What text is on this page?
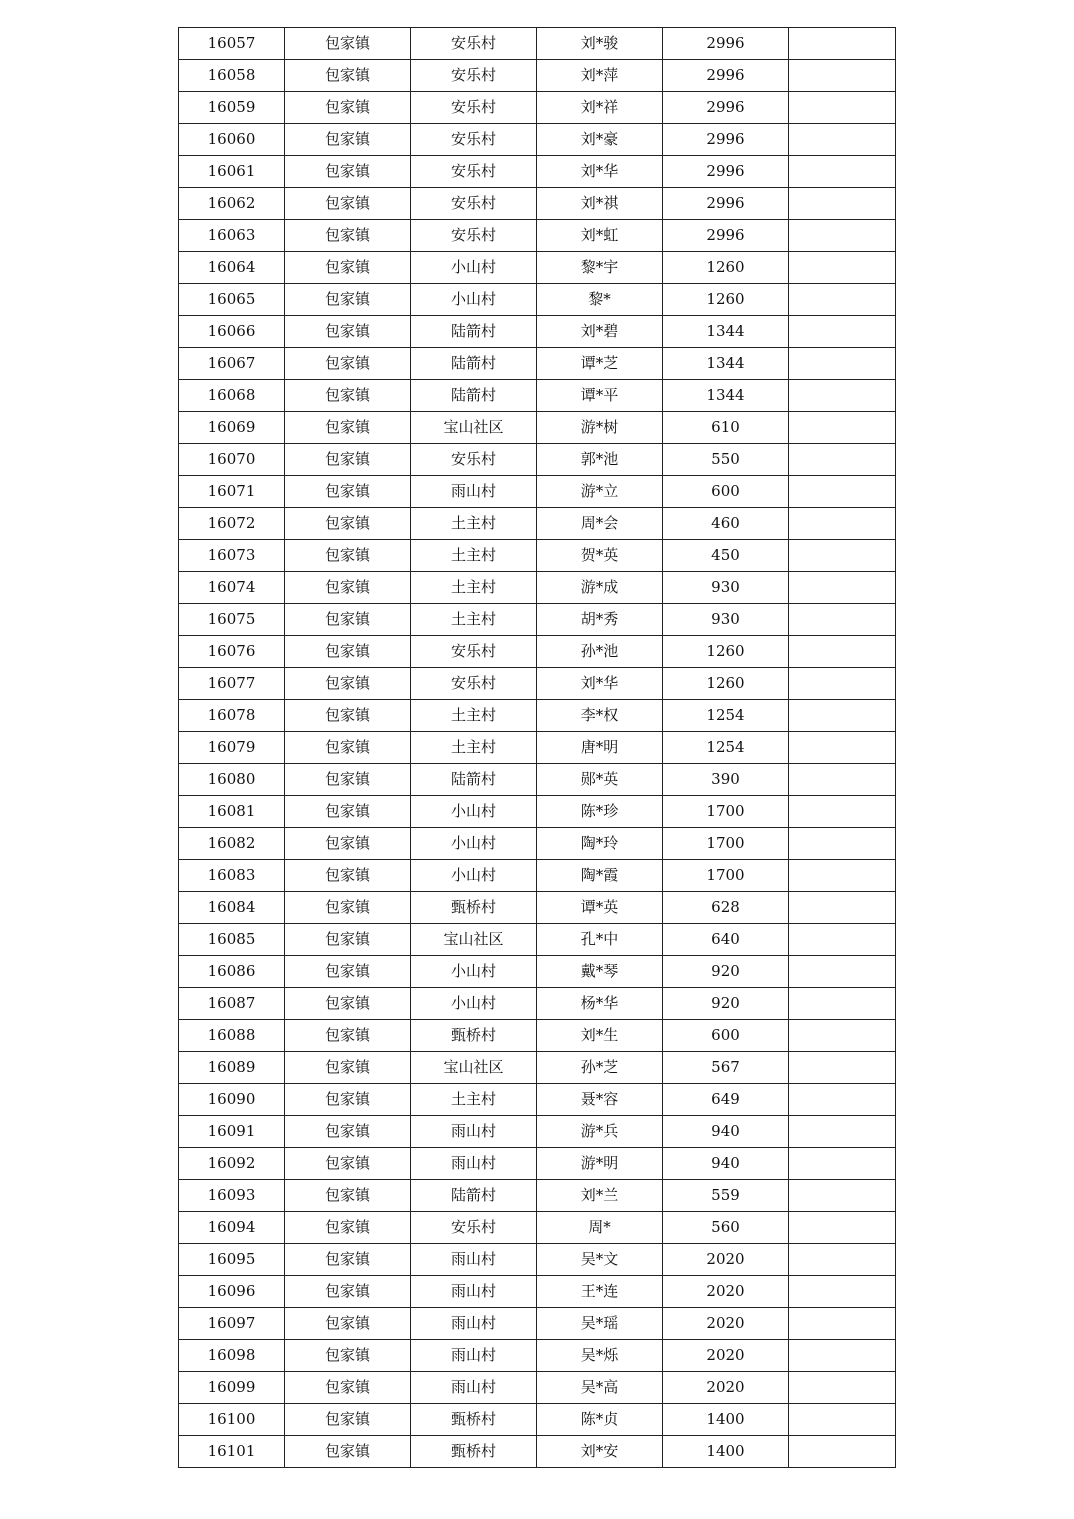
16057	包家镇	安乐村	刘*骏	2996	
16058	包家镇	安乐村	刘*萍	2996	
16059	包家镇	安乐村	刘*祥	2996	
16060	包家镇	安乐村	刘*豪	2996	
16061	包家镇	安乐村	刘*华	2996	
16062	包家镇	安乐村	刘*祺	2996	
16063	包家镇	安乐村	刘*虹	2996	
16064	包家镇	小山村	黎*宇	1260	
16065	包家镇	小山村	黎*	1260	
16066	包家镇	陆箭村	刘*碧	1344	
16067	包家镇	陆箭村	谭*芝	1344	
16068	包家镇	陆箭村	谭*平	1344	
16069	包家镇	宝山社区	游*树	610	
16070	包家镇	安乐村	郭*池	550	
16071	包家镇	雨山村	游*立	600	
16072	包家镇	土主村	周*会	460	
16073	包家镇	土主村	贺*英	450	
16074	包家镇	土主村	游*成	930	
16075	包家镇	土主村	胡*秀	930	
16076	包家镇	安乐村	孙*池	1260	
16077	包家镇	安乐村	刘*华	1260	
16078	包家镇	土主村	李*权	1254	
16079	包家镇	土主村	唐*明	1254	
16080	包家镇	陆箭村	郧*英	390	
16081	包家镇	小山村	陈*珍	1700	
16082	包家镇	小山村	陶*玲	1700	
16083	包家镇	小山村	陶*霞	1700	
16084	包家镇	甄桥村	谭*英	628	
16085	包家镇	宝山社区	孔*中	640	
16086	包家镇	小山村	戴*琴	920	
16087	包家镇	小山村	杨*华	920	
16088	包家镇	甄桥村	刘*生	600	
16089	包家镇	宝山社区	孙*芝	567	
16090	包家镇	土主村	聂*容	649	
16091	包家镇	雨山村	游*兵	940	
16092	包家镇	雨山村	游*明	940	
16093	包家镇	陆箭村	刘*兰	559	
16094	包家镇	安乐村	周*	560	
16095	包家镇	雨山村	吴*文	2020	
16096	包家镇	雨山村	王*连	2020	
16097	包家镇	雨山村	吴*瑶	2020	
16098	包家镇	雨山村	吴*烁	2020	
16099	包家镇	雨山村	吴*高	2020	
16100	包家镇	甄桥村	陈*贞	1400	
16101	包家镇	甄桥村	刘*安	1400	
